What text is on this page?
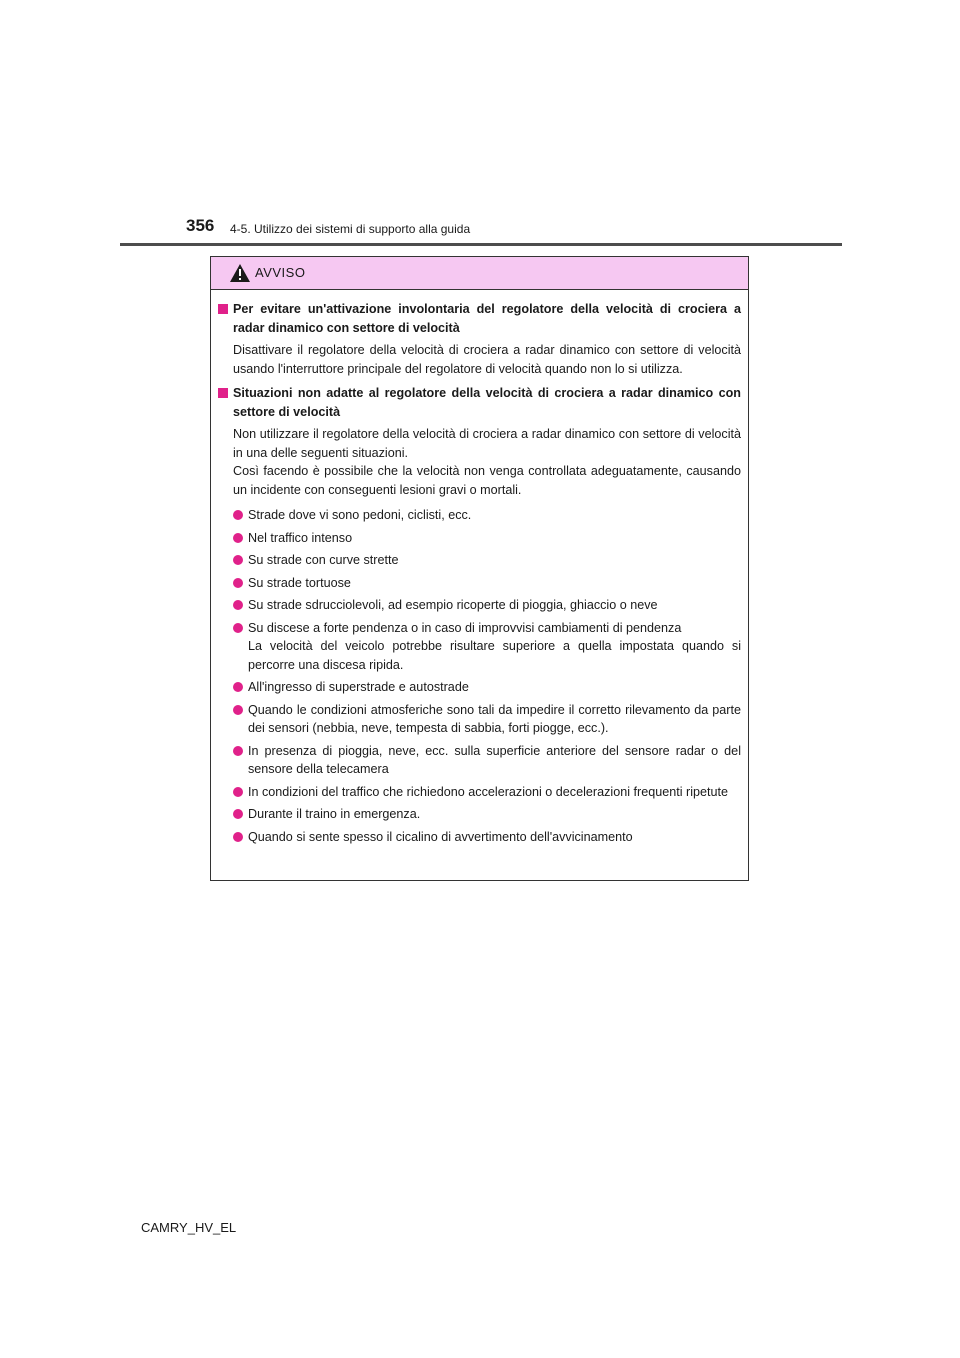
356 4-5. Utilizzo dei sistemi di supporto alla guida
AVVISO
Per evitare un'attivazione involontaria del regolatore della velocità di crociera a radar dinamico con settore di velocità

Disattivare il regolatore della velocità di crociera a radar dinamico con settore di velocità usando l'interruttore principale del regolatore di velocità quando non lo si utilizza.

Situazioni non adatte al regolatore della velocità di crociera a radar dinamico con settore di velocità

Non utilizzare il regolatore della velocità di crociera a radar dinamico con settore di velocità in una delle seguenti situazioni.

Così facendo è possibile che la velocità non venga controllata adeguatamente, causando un incidente con conseguenti lesioni gravi o mortali.

Strade dove vi sono pedoni, ciclisti, ecc.
Nel traffico intenso
Su strade con curve strette
Su strade tortuose
Su strade sdrucciolevoli, ad esempio ricoperte di pioggia, ghiaccio o neve
Su discese a forte pendenza o in caso di improvvisi cambiamenti di pendenza
La velocità del veicolo potrebbe risultare superiore a quella impostata quando si percorre una discesa ripida.
All'ingresso di superstrade e autostrade
Quando le condizioni atmosferiche sono tali da impedire il corretto rilevamento da parte dei sensori (nebbia, neve, tempesta di sabbia, forti piogge, ecc.).
In presenza di pioggia, neve, ecc. sulla superficie anteriore del sensore radar o del sensore della telecamera
In condizioni del traffico che richiedono accelerazioni o decelerazioni frequenti ripetute
Durante il traino in emergenza.
Quando si sente spesso il cicalino di avvertimento dell'avvicinamento
CAMRY_HV_EL
